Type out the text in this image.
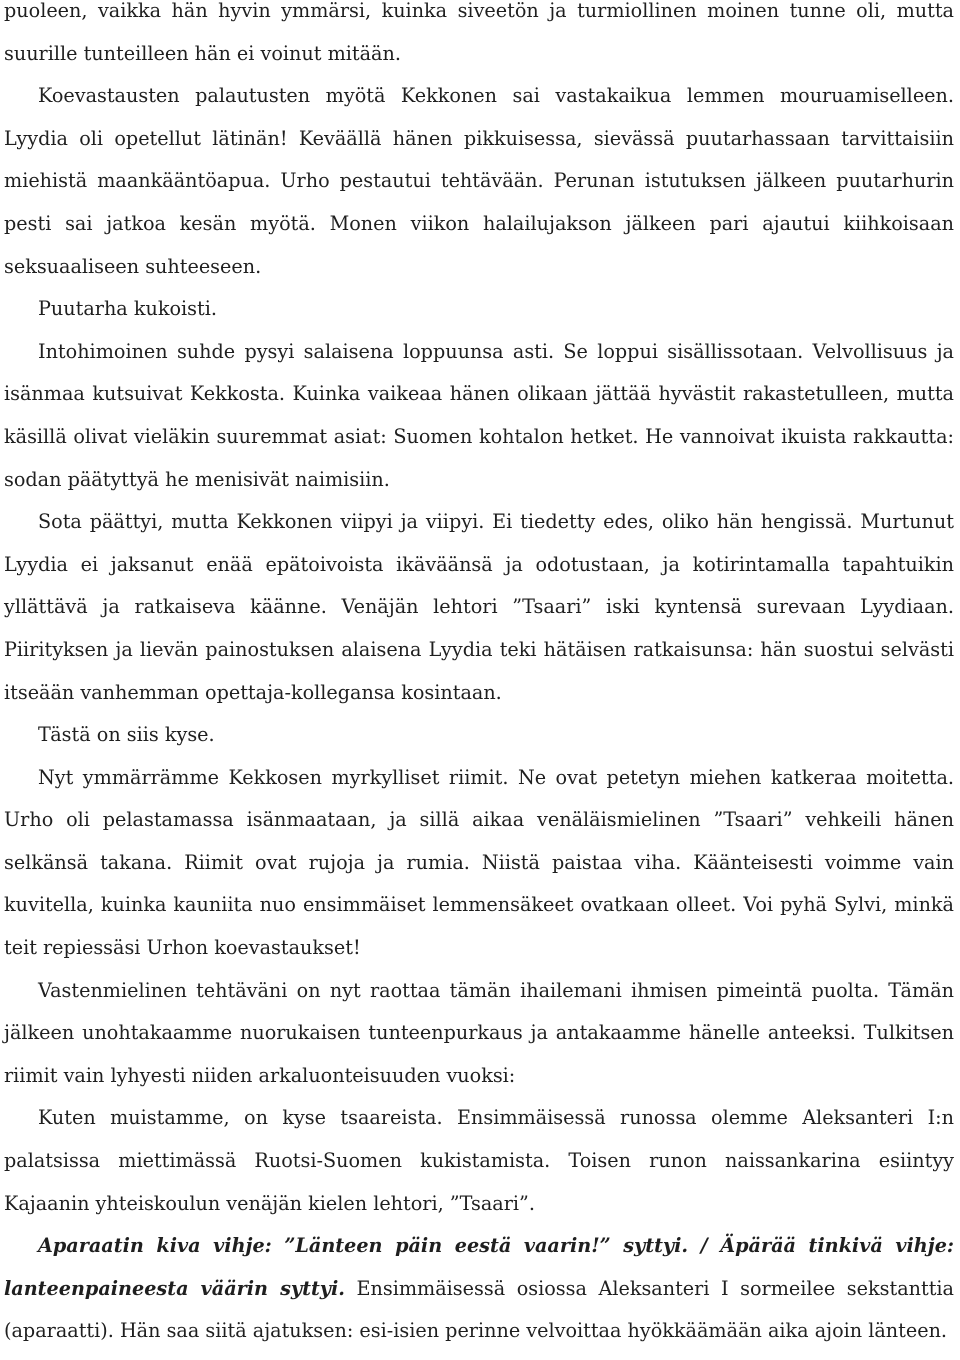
puoleen, vaikka hän hyvin ymmärsi, kuinka siveetön ja turmiollinen moinen tunne oli, mutta suurille tunteilleen hän ei voinut mitään.

Koevastausten palautusten myötä Kekkonen sai vastakaikua lemmen mouruamiselleen. Lyydia oli opetellut lätinän! Keväällä hänen pikkuisessa, sievässä puutarhassaan tarvittaisiin miehistä maankääntöapua. Urho pestautui tehtävään. Perunan istutuksen jälkeen puutarhurin pesti sai jatkoa kesän myötä. Monen viikon halailujakson jälkeen pari ajautui kiihkoisaan seksuaaliseen suhteeseen.

Puutarha kukoisti.

Intohimoinen suhde pysyi salaisena loppuunsa asti. Se loppui sisällissotaan. Velvollisuus ja isänmaa kutsuivat Kekkosta. Kuinka vaikeaa hänen olikaan jättää hyvästit rakastetulleen, mutta käsillä olivat vieläkin suuremmat asiat: Suomen kohtalon hetket. He vannoivat ikuista rakkautta: sodan päätyttyä he menisivät naimisiin.

Sota päättyi, mutta Kekkonen viipyi ja viipyi. Ei tiedetty edes, oliko hän hengissä. Murtunut Lyydia ei jaksanut enää epätoivoista ikäväänsä ja odotustaan, ja kotirintamalla tapahtuikin yllättävä ja ratkaiseva käänne. Venäjän lehtori ”Tsaari” iski kyntensä surevaan Lyydiaan. Piirityksen ja lievän painostuksen alaisena Lyydia teki hätäisen ratkaisunsa: hän suostui selvästi itseään vanhemman opettaja-kollegansa kosintaan.

Tästä on siis kyse.

Nyt ymmärrämme Kekkosen myrkylliset riimit. Ne ovat petetyn miehen katkeraa moitetta. Urho oli pelastamassa isänmaataan, ja sillä aikaa venäläismielinen ”Tsaari” vehkeili hänen selkänsä takana. Riimit ovat rujoja ja rumia. Niistä paistaa viha. Käänteisesti voimme vain kuvitella, kuinka kauniita nuo ensimmäiset lemmensäkeet ovatkaan olleet. Voi pyhä Sylvi, minkä teit repiessäsi Urhon koevastaukset!

Vastenmielinen tehtäväni on nyt raottaa tämän ihailemani ihmisen pimeintä puolta. Tämän jälkeen unohtakaamme nuorukaisen tunteenpurkaus ja antakaamme hänelle anteeksi. Tulkitsen riimit vain lyhyesti niiden arkaluonteisuuden vuoksi:

Kuten muistamme, on kyse tsaareista. Ensimmäisessä runossa olemme Aleksanteri I:n palatsissa miettimässä Ruotsi-Suomen kukistamista. Toisen runon naissankarina esiintyy Kajaanin yhteiskoulun venäjän kielen lehtori, ”Tsaari”.

Aparaatin kiva vihje: ”Länteen päin eestä vaarin!” syttyi. / Äpärää tinkivä vihje: lanteenpaineesta väärin syttyi. Ensimmäisessä osiossa Aleksanteri I sormeilee sekstanttia (aparaatti). Hän saa siitä ajatuksen: esi-isien perinne velvoittaa hyökkäämään aika ajoin länteen.
